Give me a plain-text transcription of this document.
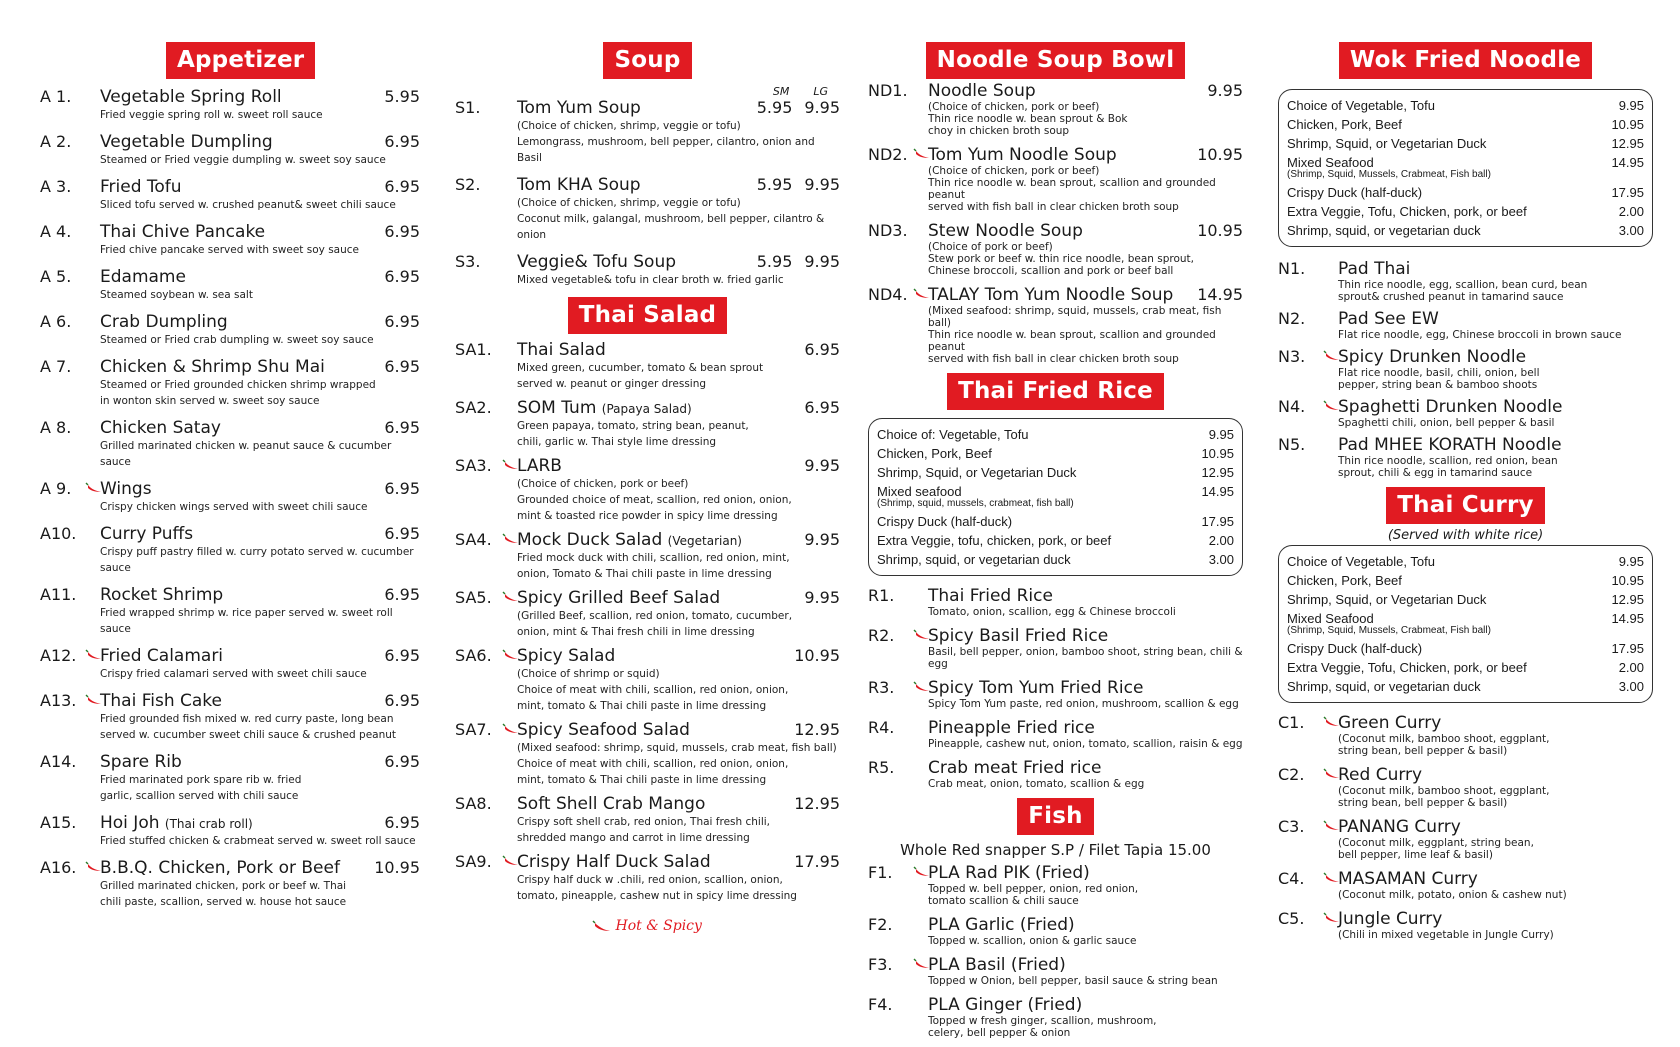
Appetizer
A 1.	Vegetable Spring Roll	5.95
Fried veggie spring roll w. sweet roll sauce
A 2.	Vegetable Dumpling	6.95
Steamed or Fried veggie dumpling w. sweet soy sauce
A 3.	Fried Tofu	6.95
Sliced tofu served w. crushed peanut& sweet chili sauce
A 4.	Thai Chive Pancake	6.95
Fried chive pancake served with sweet soy sauce
A 5.	Edamame	6.95
Steamed soybean w. sea salt
A 6.	Crab Dumpling	6.95
Steamed or Fried crab dumpling w. sweet soy sauce
A 7.	Chicken & Shrimp Shu Mai	6.95
Steamed or Fried grounded chicken shrimp wrapped
in wonton skin served w. sweet soy sauce
A 8.	Chicken Satay	6.95
Grilled marinated chicken w. peanut sauce & cucumber sauce
A 9.	Wings	6.95
Crispy chicken wings served with sweet chili sauce
A10.	Curry Puffs	6.95
Crispy puff pastry filled w. curry potato served w. cucumber sauce
A11.	Rocket Shrimp	6.95
Fried wrapped shrimp w. rice paper served w. sweet roll sauce
A12.	Fried Calamari	6.95
Crispy fried calamari served with sweet chili sauce
A13.	Thai Fish Cake	6.95
Fried grounded fish mixed w. red curry paste, long bean
served w. cucumber sweet chili sauce & crushed peanut
A14.	Spare Rib	6.95
Fried marinated pork spare rib w. fried
garlic, scallion served with chili sauce
A15.	Hoi Joh (Thai crab roll)	6.95
Fried stuffed chicken & crabmeat served w. sweet roll sauce
A16.	B.B.Q. Chicken, Pork or Beef 10.95
Grilled marinated chicken, pork or beef w. Thai
chili paste, scallion, served w. house hot sauce
Soup
SM LG
S1.	Tom Yum Soup	5.95 9.95
(Choice of chicken, shrimp, veggie or tofu)
Lemongrass, mushroom, bell pepper, cilantro, onion and Basil
S2.	Tom KHA Soup	5.95 9.95
(Choice of chicken, shrimp, veggie or tofu)
Coconut milk, galangal, mushroom, bell pepper, cilantro & onion
S3.	Veggie& Tofu Soup	5.95 9.95
Mixed vegetable& tofu in clear broth w. fried garlic
Thai Salad
SA1.	Thai Salad	6.95
Mixed green, cucumber, tomato & bean sprout
served w. peanut or ginger dressing
SA2.	SOM Tum (Papaya Salad)	6.95
Green papaya, tomato, string bean, peanut,
chili, garlic w. Thai style lime dressing
SA3.	LARB	9.95
(Choice of chicken, pork or beef)
Grounded choice of meat, scallion, red onion, onion,
mint & toasted rice powder in spicy lime dressing
SA4.	Mock Duck Salad (Vegetarian)	9.95
Fried mock duck with chili, scallion, red onion, mint,
onion, Tomato & Thai chili paste in lime dressing
SA5.	Spicy Grilled Beef Salad	9.95
(Grilled Beef, scallion, red onion, tomato, cucumber,
onion, mint & Thai fresh chili in lime dressing
SA6.	Spicy Salad	10.95
(Choice of shrimp or squid)
Choice of meat with chili, scallion, red onion, onion,
mint, tomato & Thai chili paste in lime dressing
SA7.	Spicy Seafood Salad	12.95
(Mixed seafood: shrimp, squid, mussels, crab meat, fish ball)
Choice of meat with chili, scallion, red onion, onion,
mint, tomato & Thai chili paste in lime dressing
SA8.	Soft Shell Crab Mango	12.95
Crispy soft shell crab, red onion, Thai fresh chili,
shredded mango and carrot in lime dressing
SA9.	Crispy Half Duck Salad	17.95
Crispy half duck w .chili, red onion, scallion, onion,
tomato, pineapple, cashew nut in spicy lime dressing
Hot & Spicy
Noodle Soup Bowl
ND1.	Noodle Soup	9.95
(Choice of chicken, pork or beef)
Thin rice noodle w. bean sprout & Bok
choy in chicken broth soup
ND2.	Tom Yum Noodle Soup	10.95
(Choice of chicken, pork or beef)
Thin rice noodle w. bean sprout, scallion and grounded peanut
served with fish ball in clear chicken broth soup
ND3.	Stew Noodle Soup	10.95
(Choice of pork or beef)
Stew pork or beef w. thin rice noodle, bean sprout,
Chinese broccoli, scallion and pork or beef ball
ND4.	TALAY Tom Yum Noodle Soup 14.95
(Mixed seafood: shrimp, squid, mussels, crab meat, fish ball)
Thin rice noodle w. bean sprout, scallion and grounded peanut
served with fish ball in clear chicken broth soup
Thai Fried Rice
Choice of: Vegetable, Tofu	9.95
Chicken, Pork, Beef	10.95
Shrimp, Squid, or Vegetarian Duck	12.95
Mixed seafood	14.95
(Shrimp, squid, mussels, crabmeat, fish ball)
Crispy Duck (half-duck)	17.95
Extra Veggie, tofu, chicken, pork, or beef	2.00
Shrimp, squid, or vegetarian duck	3.00
R1.	Thai Fried Rice
Tomato, onion, scallion, egg & Chinese broccoli
R2.	Spicy Basil Fried Rice
Basil, bell pepper, onion, bamboo shoot, string bean, chili & egg
R3.	Spicy Tom Yum Fried Rice
Spicy Tom Yum paste, red onion, mushroom, scallion & egg
R4.	Pineapple Fried rice
Pineapple, cashew nut, onion, tomato, scallion, raisin & egg
R5.	Crab meat Fried rice
Crab meat, onion, tomato, scallion & egg
Fish
Whole Red snapper S.P / Filet Tapia 15.00
F1.	PLA Rad PIK (Fried)
Topped w. bell pepper, onion, red onion,
tomato scallion & chili sauce
F2.	PLA Garlic (Fried)
Topped w. scallion, onion & garlic sauce
F3.	PLA Basil (Fried)
Topped w Onion, bell pepper, basil sauce & string bean
F4.	PLA Ginger (Fried)
Topped w fresh ginger, scallion, mushroom,
celery, bell pepper & onion
Wok Fried Noodle
Choice of Vegetable, Tofu	9.95
Chicken, Pork, Beef	10.95
Shrimp, Squid, or Vegetarian Duck	12.95
Mixed Seafood	14.95
(Shrimp, Squid, Mussels, Crabmeat, Fish ball)
Crispy Duck (half-duck)	17.95
Extra Veggie, Tofu, Chicken, pork, or beef	2.00
Shrimp, squid, or vegetarian duck	3.00
N1.	Pad Thai
Thin rice noodle, egg, scallion, bean curd, bean
sprout& crushed peanut in tamarind sauce
N2.	Pad See EW
Flat rice noodle, egg, Chinese broccoli in brown sauce
N3.	Spicy Drunken Noodle
Flat rice noodle, basil, chili, onion, bell
pepper, string bean & bamboo shoots
N4.	Spaghetti Drunken Noodle
Spaghetti chili, onion, bell pepper & basil
N5.	Pad MHEE KORATH Noodle
Thin rice noodle, scallion, red onion, bean
sprout, chili & egg in tamarind sauce
Thai Curry
(Served with white rice)
Choice of Vegetable, Tofu	9.95
Chicken, Pork, Beef	10.95
Shrimp, Squid, or Vegetarian Duck	12.95
Mixed Seafood	14.95
(Shrimp, Squid, Mussels, Crabmeat, Fish ball)
Crispy Duck (half-duck)	17.95
Extra Veggie, Tofu, Chicken, pork, or beef	2.00
Shrimp, squid, or vegetarian duck	3.00
C1.	Green Curry
(Coconut milk, bamboo shoot, eggplant,
string bean, bell pepper & basil)
C2.	Red Curry
(Coconut milk, bamboo shoot, eggplant,
string bean, bell pepper & basil)
C3.	PANANG Curry
(Coconut milk, eggplant, string bean,
bell pepper, lime leaf & basil)
C4.	MASAMAN Curry
(Coconut milk, potato, onion & cashew nut)
C5.	Jungle Curry
(Chili in mixed vegetable in Jungle Curry)
